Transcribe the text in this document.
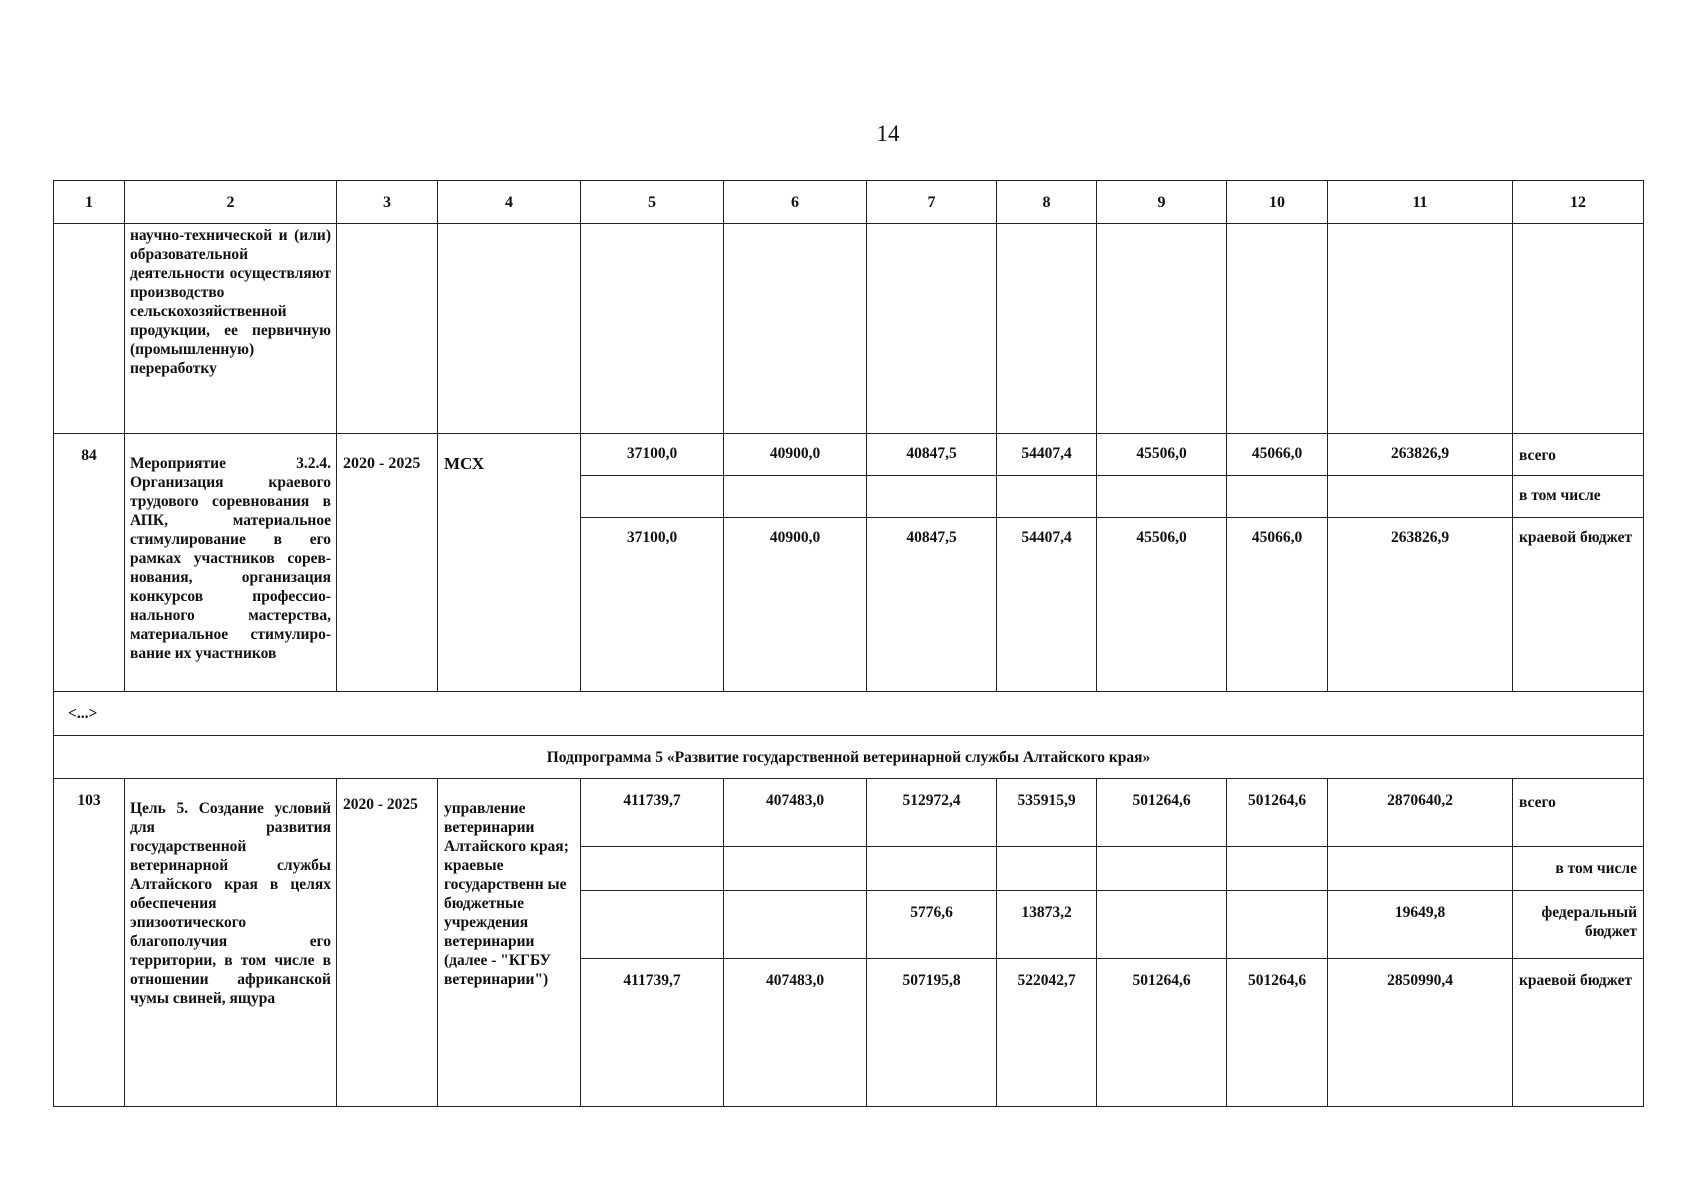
14
1	2	3	4	5	6	7	8	9	10	11	12
	научно-технической и (или) образовательной деятельности осуществляют производство сельскохозяйственной продукции, ее первичную (промышленную) переработку										
84	Мероприятие 3.2.4. Организация краевого трудового соревнования в АПК, материальное стимулирование в его рамках участников сорев-нования, организация конкурсов профессио-нального мастерства, материальное стимулиро-вание их участников	2020 - 2025	МСХ	37100,0	40900,0	40847,5	54407,4	45506,0	45066,0	263826,9	всего
											в том числе
				37100,0	40900,0	40847,5	54407,4	45506,0	45066,0	263826,9	краевой бюджет
<...>											
Подпрограмма 5 «Развитие государственной ветеринарной службы Алтайского края»											
103	Цель 5. Создание условий для развития государственной ветеринарной службы Алтайского края в целях обеспечения эпизоотического благополучия его территории, в том числе в отношении африканской чумы свиней, ящура	2020 - 2025	управление ветеринарии Алтайского края; краевые государственн ые бюджетные учреждения ветеринарии (далее - "КГБУ ветеринарии")	411739,7	407483,0	512972,4	535915,9	501264,6	501264,6	2870640,2	всего
											в том числе
						5776,6	13873,2			19649,8	федеральный бюджет
				411739,7	407483,0	507195,8	522042,7	501264,6	501264,6	2850990,4	краевой бюджет
